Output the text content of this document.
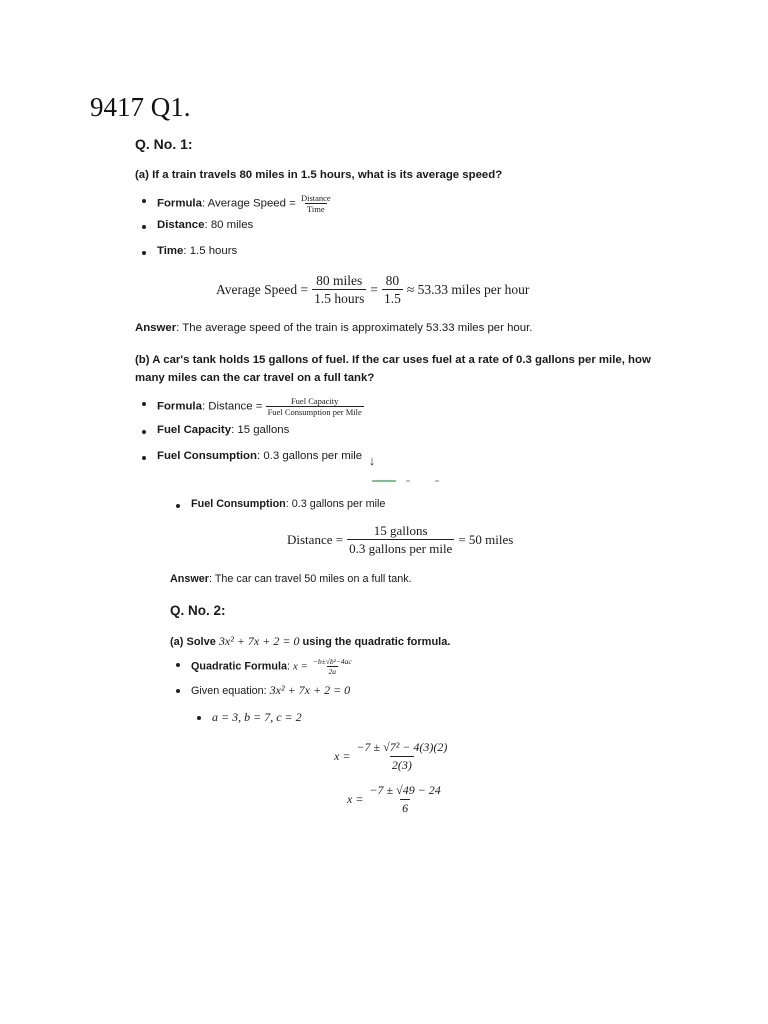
9417 Q1.
Q. No. 1:
(a) If a train travels 80 miles in 1.5 hours, what is its average speed?
Formula: Average Speed = $\frac{\text{Distance}}{\text{Time}}$
Distance: 80 miles
Time: 1.5 hours
Average Speed = $\frac{\text{80 miles}}{\text{1.5 hours}} = \frac{80}{1.5} \approx 53.33$ miles per hour
Answer: The average speed of the train is approximately 53.33 miles per hour.
(b) A car's tank holds 15 gallons of fuel. If the car uses fuel at a rate of 0.3 gallons per mile, how
many miles can the car travel on a full tank?
Formula: Distance = $\frac{\text{Fuel Capacity}}{\text{Fuel Consumption per Mile}}$
Fuel Capacity: 15 gallons
Fuel Consumption: 0.3 gallons per mile ↓
Fuel Consumption: 0.3 gallons per mile
Distance = $\frac{\text{15 gallons}}{\text{0.3 gallons per mile}} = 50$ miles
Answer: The car can travel 50 miles on a full tank.
Q. No. 2:
(a) Solve 3x² + 7x + 2 = 0 using the quadratic formula.
Quadratic Formula: $x = \frac{\text{−b±√b²−4ac}}{2a}$
Given equation: 3x² + 7x + 2 = 0
a = 3, b = 7, c = 2
$x = \frac{\text{−7 ± √7² − 4(3)(2)}}{2(3)}$
$x = \frac{-7 \pm √49 - 24}{6}$
